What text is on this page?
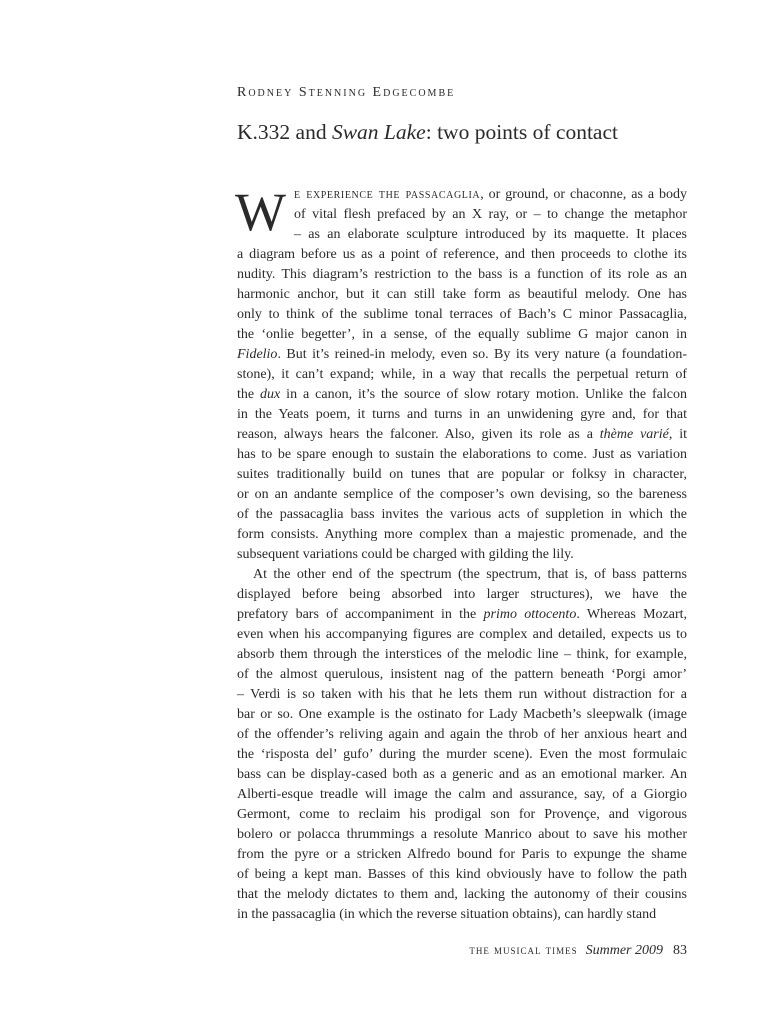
Rodney Stenning Edgecombe
K.332 and Swan Lake: two points of contact
W e experience the passacaglia, or ground, or chaconne, as a body
of vital flesh prefaced by an X ray, or – to change the metaphor
– as an elaborate sculpture introduced by its maquette. It places
a diagram before us as a point of reference, and then proceeds to clothe its
nudity. This diagram’s restriction to the bass is a function of its role as an
harmonic anchor, but it can still take form as beautiful melody. One has
only to think of the sublime tonal terraces of Bach’s C minor Passacaglia,
the ‘onlie begetter’, in a sense, of the equally sublime G major canon in
Fidelio. But it’s reined-in melody, even so. By its very nature (a foundation-
stone), it can’t expand; while, in a way that recalls the perpetual return of
the dux in a canon, it’s the source of slow rotary motion. Unlike the falcon
in the Yeats poem, it turns and turns in an unwidening gyre and, for that
reason, always hears the falconer. Also, given its role as a thème varié, it
has to be spare enough to sustain the elaborations to come. Just as variation
suites traditionally build on tunes that are popular or folksy in character,
or on an andante semplice of the composer’s own devising, so the bareness
of the passacaglia bass invites the various acts of suppletion in which the
form consists. Anything more complex than a majestic promenade, and the
subsequent variations could be charged with gilding the lily.
At the other end of the spectrum (the spectrum, that is, of bass patterns
displayed before being absorbed into larger structures), we have the
prefatory bars of accompaniment in the primo ottocento. Whereas Mozart,
even when his accompanying figures are complex and detailed, expects us to
absorb them through the interstices of the melodic line – think, for example,
of the almost querulous, insistent nag of the pattern beneath ‘Porgi amor’
– Verdi is so taken with his that he lets them run without distraction for a
bar or so. One example is the ostinato for Lady Macbeth’s sleepwalk (image
of the offender’s reliving again and again the throb of her anxious heart and
the ‘risposta del’ gufo’ during the murder scene). Even the most formulaic
bass can be display-cased both as a generic and as an emotional marker. An
Alberti-esque treadle will image the calm and assurance, say, of a Giorgio
Germont, come to reclaim his prodigal son for Provençe, and vigorous
bolero or polacca thrummings a resolute Manrico about to save his mother
from the pyre or a stricken Alfredo bound for Paris to expunge the shame
of being a kept man. Basses of this kind obviously have to follow the path
that the melody dictates to them and, lacking the autonomy of their cousins
in the passacaglia (in which the reverse situation obtains), can hardly stand
the musical times Summer 2009 83
